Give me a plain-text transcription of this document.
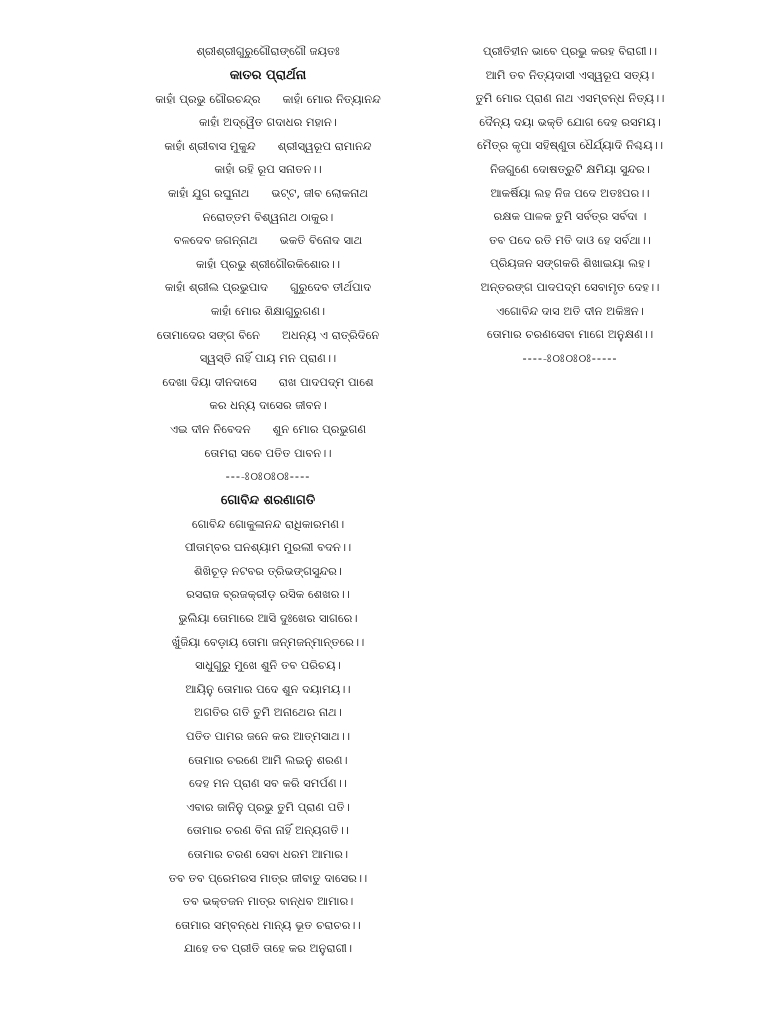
ଶ୍ରୀଶ୍ରୀଗୁରୁଗୌରାଙ୍ଗୌ ଜୟତଃ
କାତର ପ୍ରାର୍ଥନା
କାହାଁ ପ୍ରଭୁ ଗୌରଚନ୍ଦ୍ର କାହାଁ ମୋର ନିତ୍ୟାନନ୍ଦ
କାହାଁ ଅଦ୍ୱୈତ ଗଦାଧର ମହାନ।
କାହାଁ ଶ୍ରୀବାସ ମୁକୁନ୍ଦ ଶ୍ରୀସ୍ୱରୂପ ରାମାନନ୍ଦ
କାହାଁ ରହି ରୂପ ସନାତନ।।
କାହାଁ ଯୁଗ ରଘୁନାଥ ଭଟ୍ଟ, ଜୀବ ଲୋକନାଥ
ନରୋତ୍ତମ ବିଶ୍ୱନାଥ ଠାକୁର।
ବଳଦେବ ଜଗନ୍ନାଥ ଭକତି ବିନୋଦ ସାଥ
କାହାଁ ପ୍ରଭୁ ଶ୍ରୀଗୌରକିଶୋର।।
କାହାଁ ଶ୍ରୀଲ ପ୍ରଭୁପାଦ ଗୁରୁଦେବ ତୀର୍ଥପାଦ
କାହାଁ ମୋର ଶିକ୍ଷାଗୁରୁଗଣ।
ତୋମାଦେର ସଙ୍ଗ ବିନେ ଅଧନ୍ୟ ଏ ରାତ୍ରିଦିନେ
ସ୍ୱସ୍ତି ନାହିଁ ପାୟ ମନ ପ୍ରାଣ।।
ଦେଖା ଦିୟା ଦୀନଦାସେ ରାଖ ପାଦପଦ୍ମ ପାଶେ
କର ଧନ୍ୟ ଦାସେର ଜୀବନ।
ଏଇ ଦୀନ ନିବେଦନ ଶୁନ ମୋର ପ୍ରଭୁଗଣ
ତୋମରା ସବେ ପତିତ ପାବନ।।
----ଃଠଃଠଃଠଃ----
ଗୋବିନ୍ଦ ଶରଣାଗତି
ଗୋବିନ୍ଦ ଗୋକୁଳାନନ୍ଦ ରାଧିକାରମଣ।
ପୀତାମ୍ବର ଘନଶ୍ୟାମ ମୁରଲୀ ବଦନ।।
ଶିଖିଚୂଡ଼ ନଟବର ତ୍ରିଭଙ୍ଗସୁନ୍ଦର।
ରସରାଜ ବ୍ରଜକ୍ରୀଡ଼ ରସିକ ଶେଖର।।
ଭୁଲିୟା ତୋମାରେ ଆସି ଦୁଃଖେର ସାଗରେ।
ଖୁଁଜିୟା ବେଡ଼ାୟ ତୋମା ଜନ୍ମଜନ୍ମାନ୍ତରେ।।
ସାଧୁଗୁରୁ ମୁଖେ ଶୁନି ତବ ପରିଚୟ।
ଆୟିନୁ ତୋମାର ପଦେ ଶୁନ ଦୟାମୟ।।
ଅଗତିର ଗତି ତୁମି ଅନାଥେର ନାଥ।
ପତିତ ପାମର ଜନେ କର ଆତ୍ମସାଥ।।
ତୋମାର ଚରଣେ ଆମି ଲଇନୁ ଶରଣ।
ଦେହ ମନ ପ୍ରାଣ ସବ କରି ସମର୍ପଣ।।
ଏବାର ଜାନିନୁ ପ୍ରଭୁ ତୁମି ପ୍ରାଣ ପତି।
ତୋମାର ଚରଣ ବିନା ନାହିଁ ଅନ୍ୟଗତି।।
ତୋମାର ଚରଣ ସେବା ଧରମ ଆମାର।
ତବ ତବ ପ୍ରେମରସ ମାତ୍ର ଜୀବାତୁ ଦାସେର।।
ତବ ଭକ୍ତଜନ ମାତ୍ର ବାନ୍ଧବ ଆମାର।
ତୋମାର ସମ୍ବନ୍ଧେ ମାନ୍ୟ ଭୂତ ଚରାଚର।।
ଯାହେ ତବ ପ୍ରୀତି ତାହେ କର ଅନୁରାଗୀ।
ପ୍ରୀତିହୀନ ଭାବେ ପ୍ରଭୁ କରହ ବିରାଗୀ।।
ଆମି ତବ ନିତ୍ୟଦାସୀ ଏସ୍ୱରୂପ ସତ୍ୟ।
ତୁମି ମୋର ପ୍ରାଣ ନାଥ ଏସମ୍ବନ୍ଧ ନିତ୍ୟ।।
ଦୈନ୍ୟ ଦୟା ଭକ୍ତି ଯୋଗ ଦେହ ରସମୟ।
ମୈତ୍ର କୃପା ସହିଷ୍ଣୁତା ଧୈର୍ଯ୍ୟାଦି ନିଶ୍ଚୟ।।
ନିଜଗୁଣେ ଦୋଷତ୍ରୁଟି କ୍ଷମିୟା ସୁନ୍ଦର।
ଆକର୍ଷିୟା ଲହ ନିଜ ପଦେ ଅତଃପର।।
ରକ୍ଷକ ପାଳକ ତୁମି ସର୍ବତ୍ର ସର୍ବଦା ।
ତବ ପଦେ ରତି ମତି ଦାଓ ହେ ସର୍ବଥା।।
ପ୍ରିୟଜନ ସଙ୍ଗକରି ଶିଖାଇୟା ଲହ।
ଅନ୍ତରଙ୍ଗ ପାଦପଦ୍ମ ସେବାମୃତ ଦେହ।।
ଏଗୋବିନ୍ଦ ଦାସ ଅତି ଦୀନ ଅକିଞ୍ଚନ।
ତୋମାର ଚରଣସେବା ମାଗେ ଅନୁକ୍ଷଣ।।
-----ଃଠଃଠଃଠଃ-----
